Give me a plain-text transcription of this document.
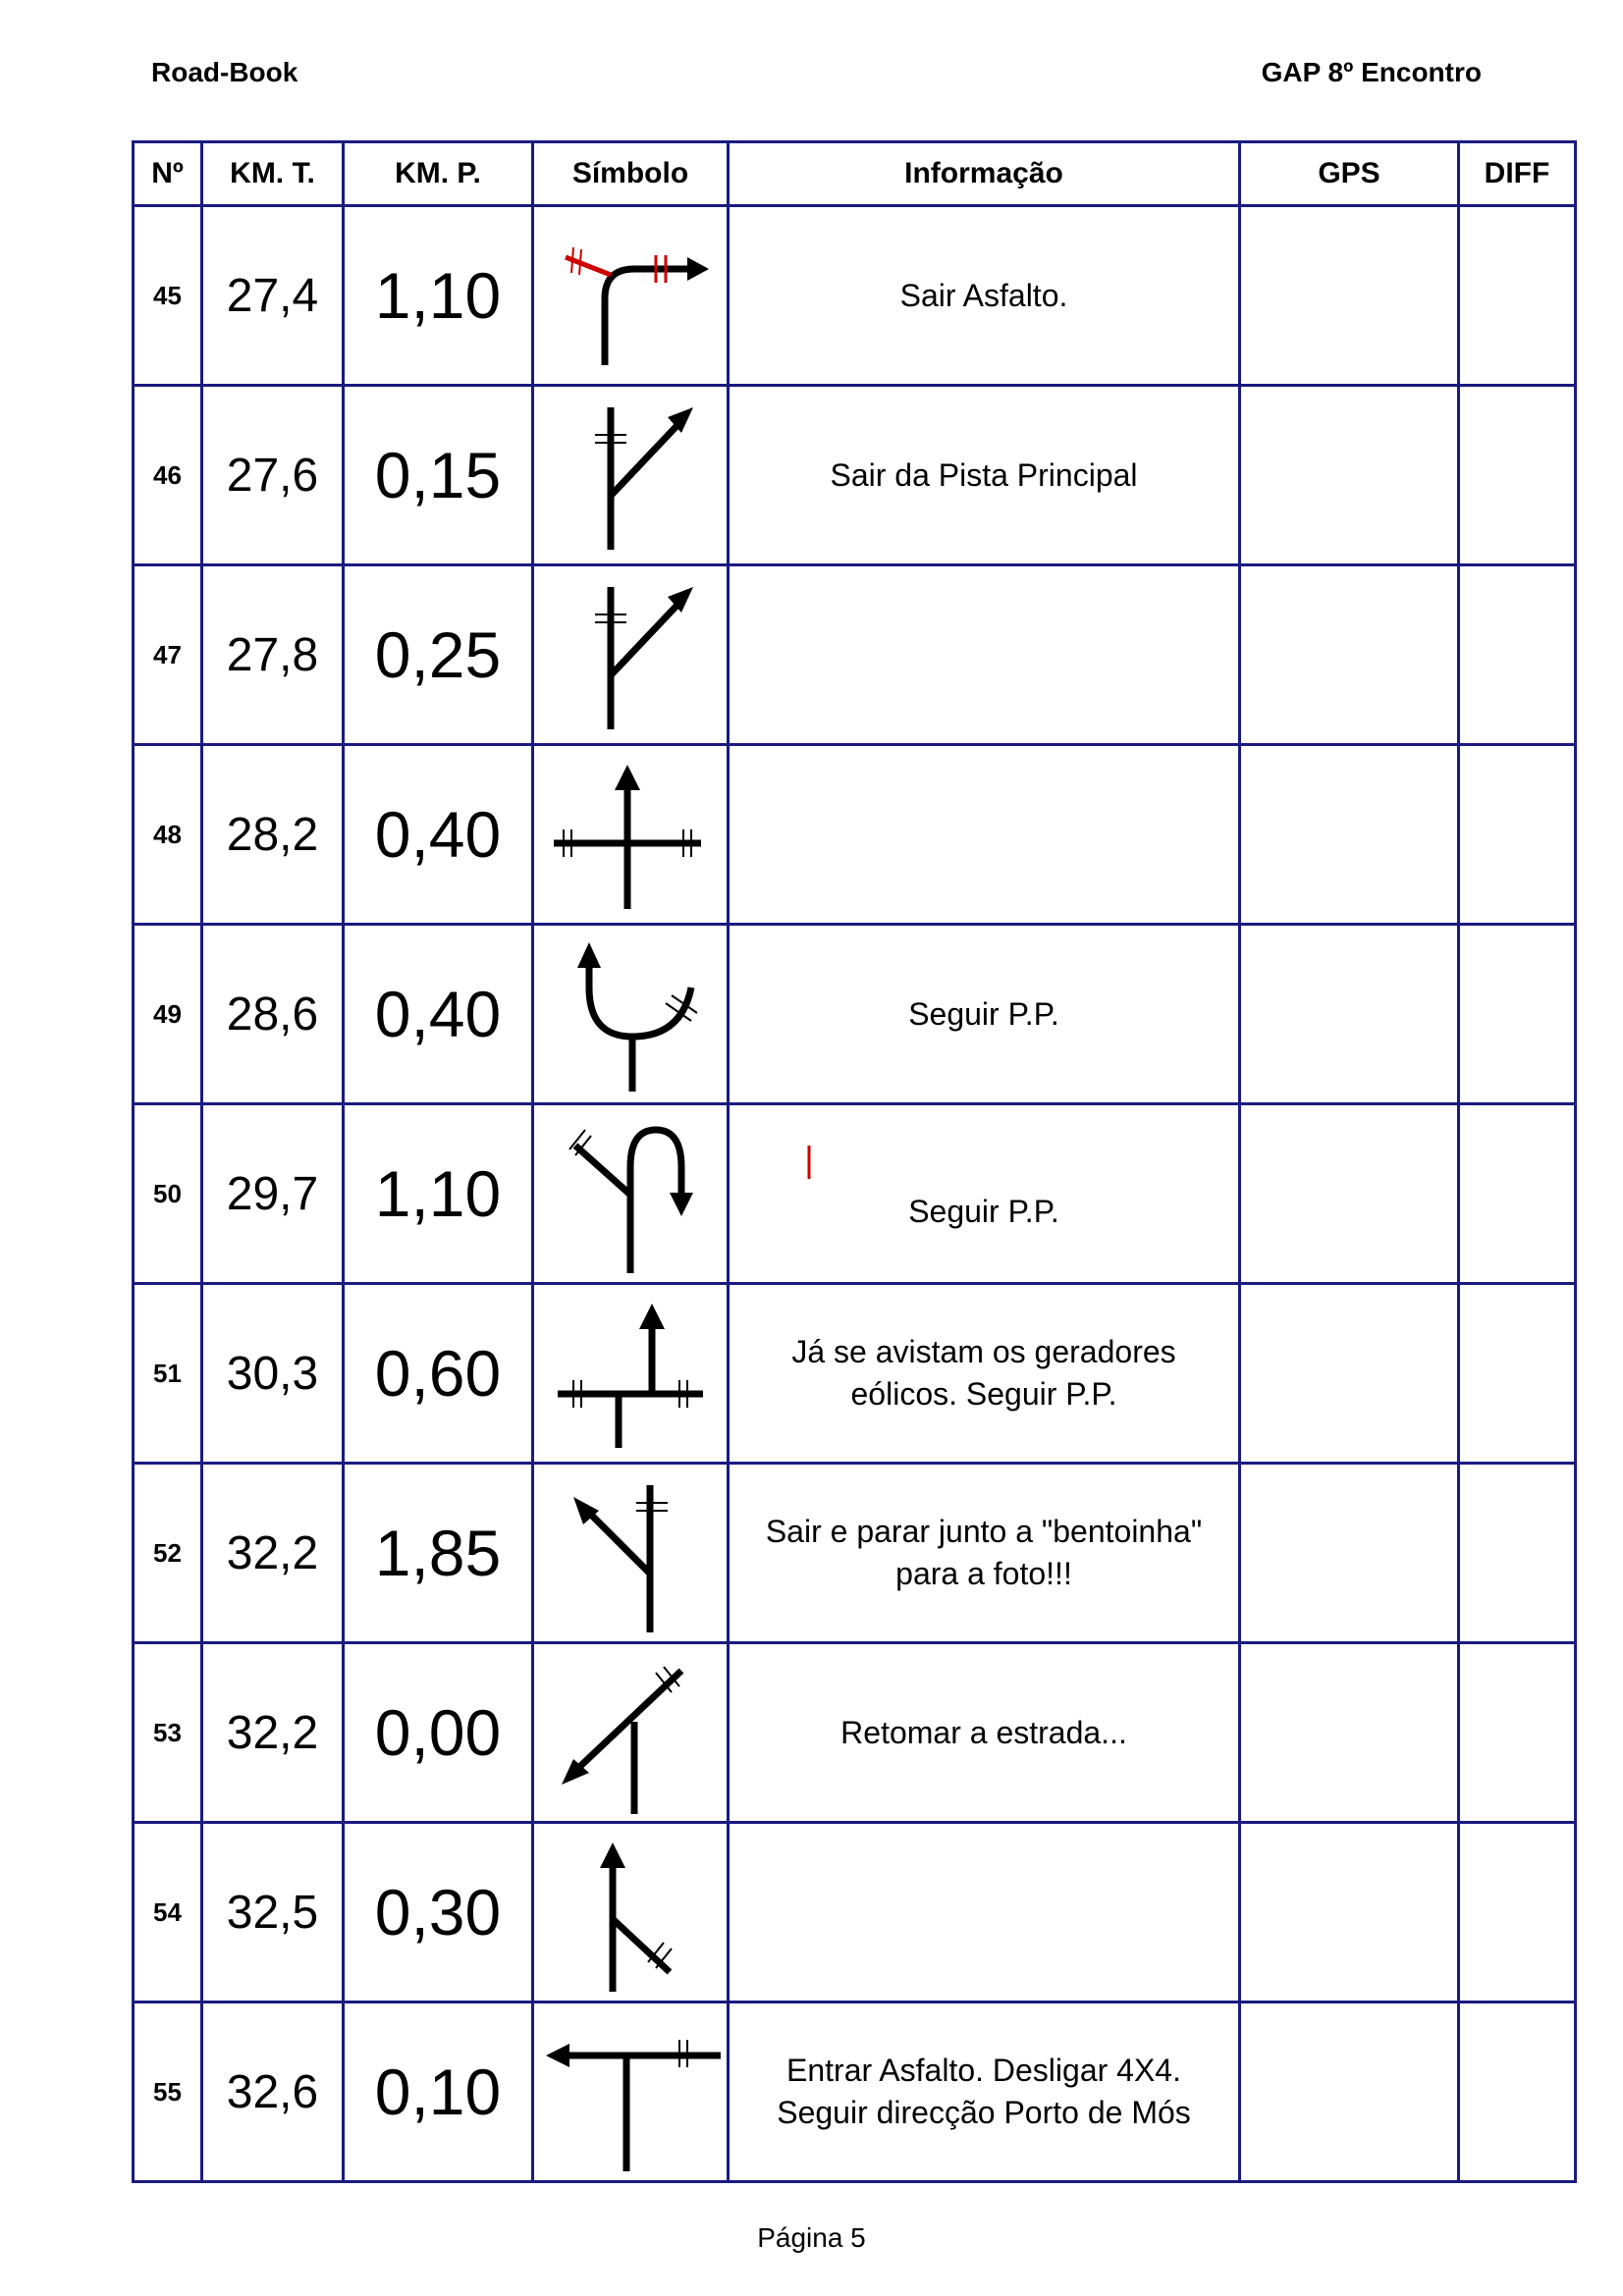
Road-Book	GAP 8º Encontro
Nº	KM. T.	KM. P.	Símbolo	Informação	GPS	DIFF
45	27,4	1,10		Sair Asfalto.		

46	27,6	0,15		Sair da Pista Principal		

47	27,8	0,25	

48	28,2	0,40	

49	28,6	0,40		Seguir P.P.		

50	29,7	1,10		Seguir P.P.		

51	30,3	0,60		Já se avistam os geradores
eólicos. Seguir P.P.		

52	32,2	1,85		Sair e parar junto a "bentoinha"
para a foto!!!		

53	32,2	0,00		Retomar a estrada...		

54	32,5	0,30	

55	32,6	0,10		Entrar Asfalto. Desligar 4X4.
Seguir direcção Porto de Mós		

Página 5
